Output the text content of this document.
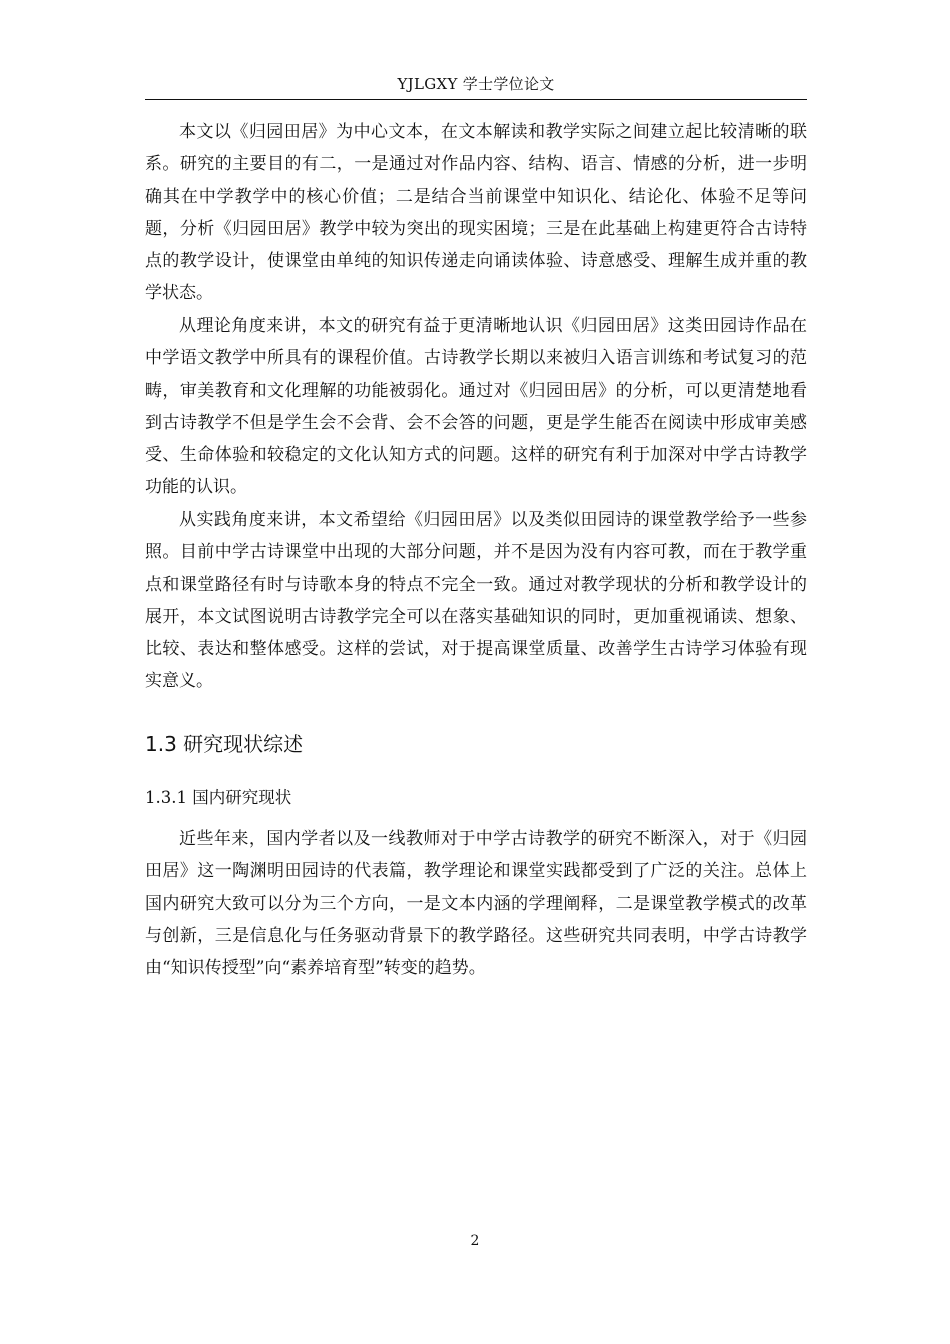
YJLGXY 学士学位论文

本文以《归园田居》为中心文本，在文本解读和教学实际之间建立起比较清晰的联系。研究的主要目的有二，一是通过对作品内容、结构、语言、情感的分析，进一步明确其在中学教学中的核心价值；二是结合当前课堂中知识化、结论化、体验不足等问题，分析《归园田居》教学中较为突出的现实困境；三是在此基础上构建更符合古诗特点的教学设计，使课堂由单纯的知识传递走向诵读体验、诗意感受、理解生成并重的教学状态。

从理论角度来讲，本文的研究有益于更清晰地认识《归园田居》这类田园诗作品在中学语文教学中所具有的课程价值。古诗教学长期以来被归入语言训练和考试复习的范畴，审美教育和文化理解的功能被弱化。通过对《归园田居》的分析，可以更清楚地看到古诗教学不但是学生会不会背、会不会答的问题，更是学生能否在阅读中形成审美感受、生命体验和较稳定的文化认知方式的问题。这样的研究有利于加深对中学古诗教学功能的认识。

从实践角度来讲，本文希望给《归园田居》以及类似田园诗的课堂教学给予一些参照。目前中学古诗课堂中出现的大部分问题，并不是因为没有内容可教，而在于教学重点和课堂路径有时与诗歌本身的特点不完全一致。通过对教学现状的分析和教学设计的展开，本文试图说明古诗教学完全可以在落实基础知识的同时，更加重视诵读、想象、比较、表达和整体感受。这样的尝试，对于提高课堂质量、改善学生古诗学习体验有现实意义。

1.3 研究现状综述
1.3.1 国内研究现状

近些年来，国内学者以及一线教师对于中学古诗教学的研究不断深入，对于《归园田居》这一陶渊明田园诗的代表篇，教学理论和课堂实践都受到了广泛的关注。总体上国内研究大致可以分为三个方向，一是文本内涵的学理阐释，二是课堂教学模式的改革与创新，三是信息化与任务驱动背景下的教学路径。这些研究共同表明，中学古诗教学由“知识传授型”向“素养培育型”转变的趋势。

2
